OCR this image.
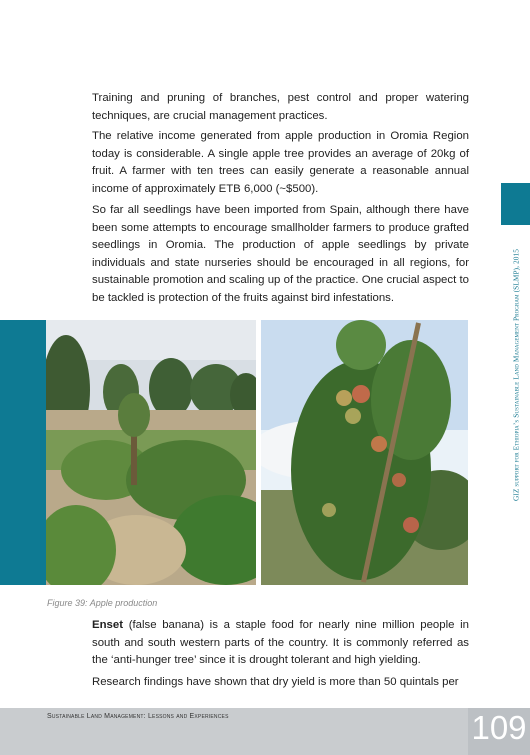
Training and pruning of branches, pest control and proper watering techniques, are crucial management practices.

The relative income generated from apple production in Oromia Region today is considerable. A single apple tree provides an average of 20kg of fruit. A farmer with ten trees can easily generate a reasonable annual income of approximately ETB 6,000 (~$500).

So far all seedlings have been imported from Spain, although there have been some attempts to encourage smallholder farmers to produce grafted seedlings in Oromia. The production of apple seedlings by private individuals and state nurseries should be encouraged in all regions, for sustainable promotion and scaling up of the practice. One crucial aspect to be tackled is protection of the fruits against bird infestations.	GIZ support for Ethiopia’s Sustainable Land Management Program (SLMP), 2015
Figure 39: Apple production

Enset (false banana) is a staple food for nearly nine million people in south and south western parts of the country. It is commonly referred as the ‘anti-hunger tree’ since it is drought tolerant and high yielding.

Research findings have shown that dry yield is more than 50 quintals per

Sustainable Land Management: Lessons and Experiences	109
